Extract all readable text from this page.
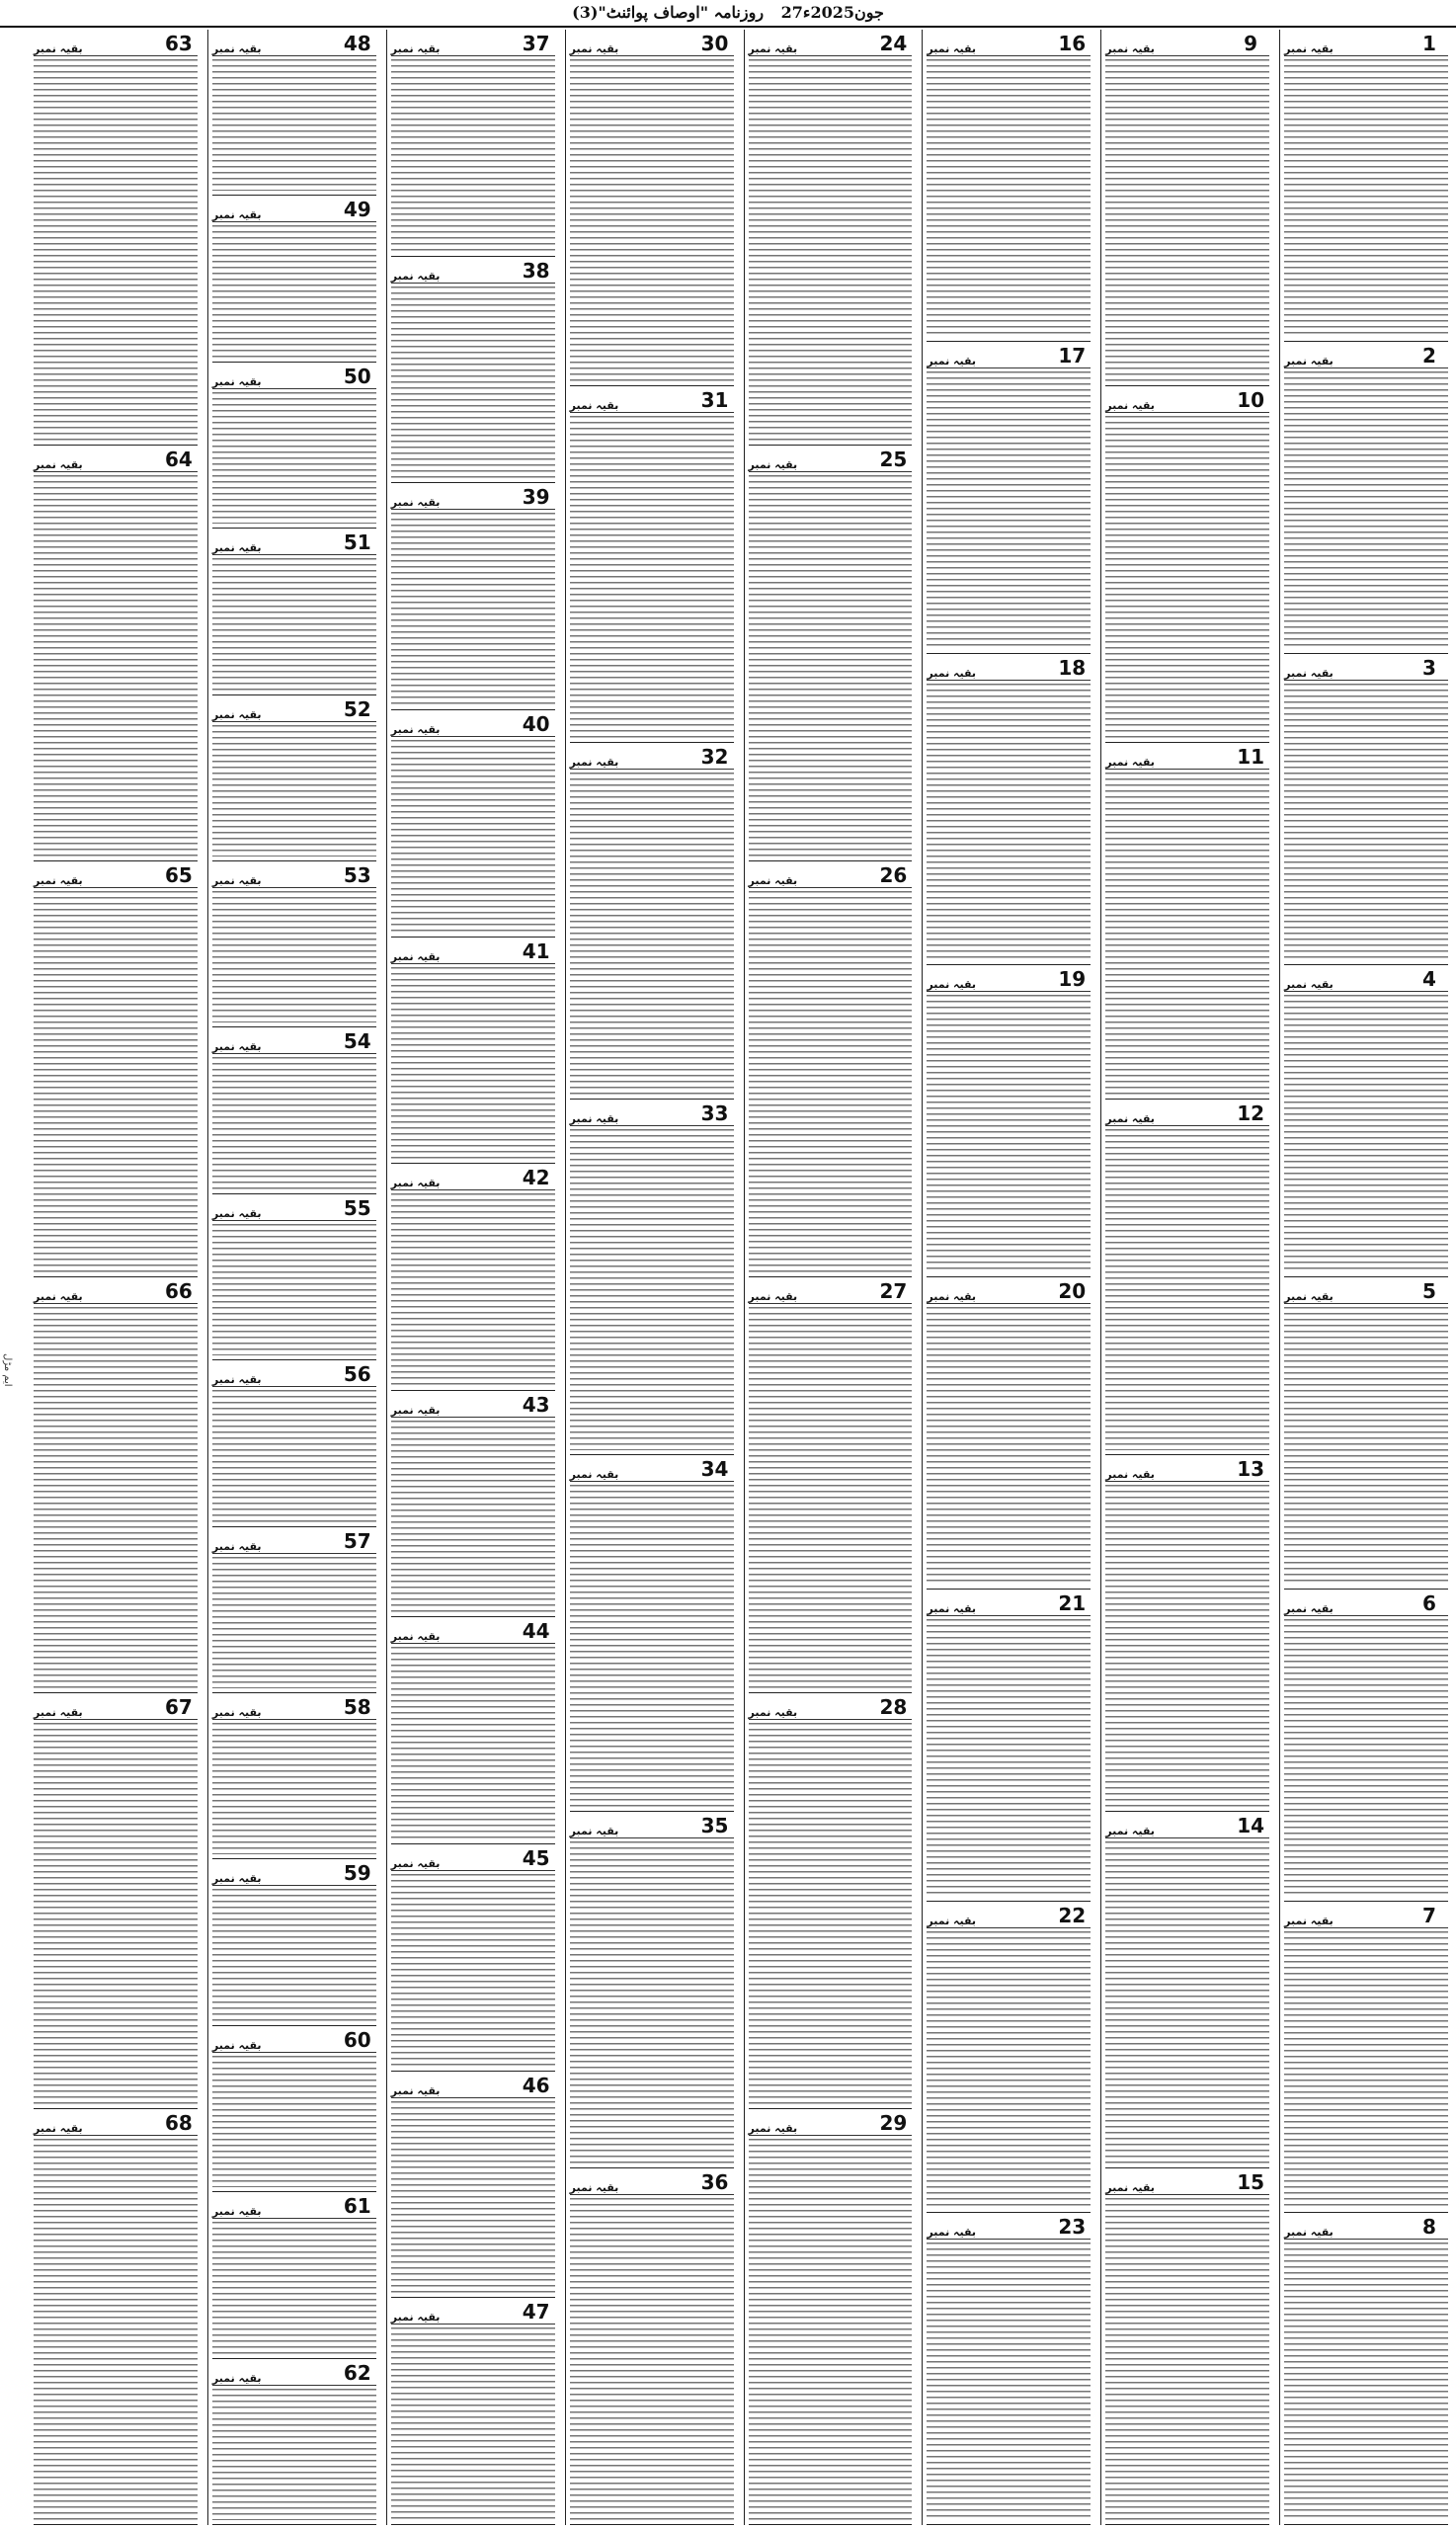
روزنامہ "اوصاف پوائنٹ"(3) 27جون2025ء
ایم مڑل
بقیہ نمبر	1
بقیہ نمبر	2
بقیہ نمبر	3
بقیہ نمبر	4
بقیہ نمبر	5
بقیہ نمبر	6
بقیہ نمبر	7
بقیہ نمبر	8
بقیہ نمبر	9
بقیہ نمبر	10
بقیہ نمبر	11
بقیہ نمبر	12
بقیہ نمبر	13
بقیہ نمبر	14
بقیہ نمبر	15
بقیہ نمبر	16
بقیہ نمبر	17
بقیہ نمبر	18
بقیہ نمبر	19
بقیہ نمبر	20
بقیہ نمبر	21
بقیہ نمبر	22
بقیہ نمبر	23
بقیہ نمبر	24
بقیہ نمبر	25
بقیہ نمبر	26
بقیہ نمبر	27
بقیہ نمبر	28
بقیہ نمبر	29
بقیہ نمبر	30
بقیہ نمبر	31
بقیہ نمبر	32
بقیہ نمبر	33
بقیہ نمبر	34
بقیہ نمبر	35
بقیہ نمبر	36
بقیہ نمبر	37
بقیہ نمبر	38
بقیہ نمبر	39
بقیہ نمبر	40
بقیہ نمبر	41
بقیہ نمبر	42
بقیہ نمبر	43
بقیہ نمبر	44
بقیہ نمبر	45
بقیہ نمبر	46
بقیہ نمبر	47
بقیہ نمبر	48
بقیہ نمبر	49
بقیہ نمبر	50
بقیہ نمبر	51
بقیہ نمبر	52
بقیہ نمبر	53
بقیہ نمبر	54
بقیہ نمبر	55
بقیہ نمبر	56
بقیہ نمبر	57
بقیہ نمبر	58
بقیہ نمبر	59
بقیہ نمبر	60
بقیہ نمبر	61
بقیہ نمبر	62
بقیہ نمبر	63
بقیہ نمبر	64
بقیہ نمبر	65
بقیہ نمبر	66
بقیہ نمبر	67
بقیہ نمبر	68
